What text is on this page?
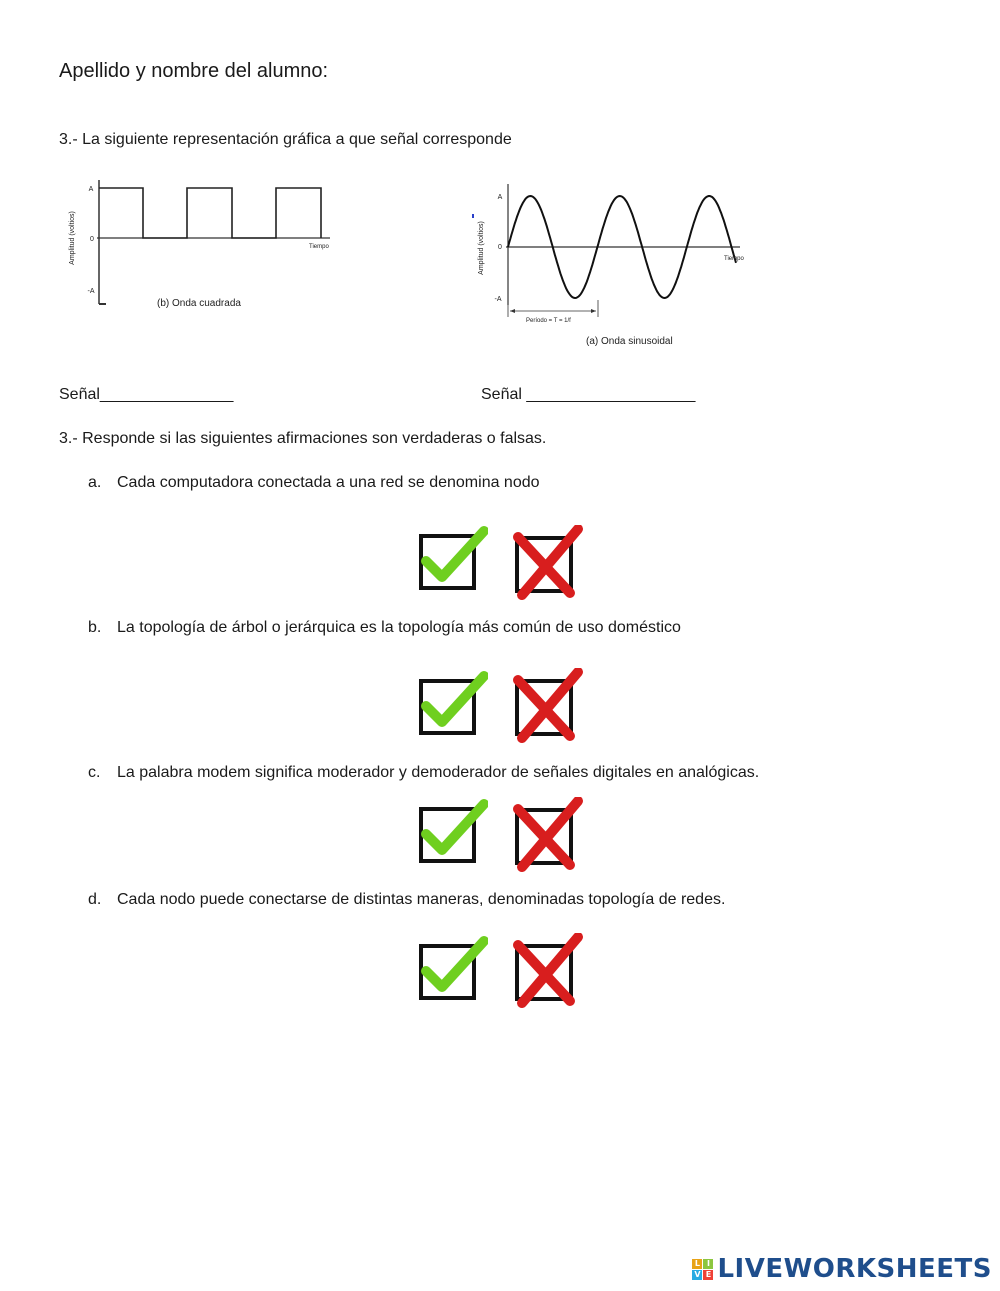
Apellido y nombre del alumno:
3.- La siguiente representación gráfica a que señal corresponde
Amplitud (voltios)
A
0
-A
Tiempo
(b) Onda cuadrada
Amplitud (voltios)
A
0
-A
Tiempo
Período = T = 1/f
(a) Onda sinusoidal
Señal_______________	Señal ___________________
3.- Responde si las siguientes afirmaciones son verdaderas o falsas.
a. Cada computadora conectada a una red se denomina nodo
b. La topología de árbol o jerárquica es la topología más común de uso doméstico
c. La palabra modem significa moderador y demoderador de señales digitales en analógicas.
d. Cada nodo puede conectarse de distintas maneras, denominadas topología de redes.
L I
V E LIVEWORKSHEETS
